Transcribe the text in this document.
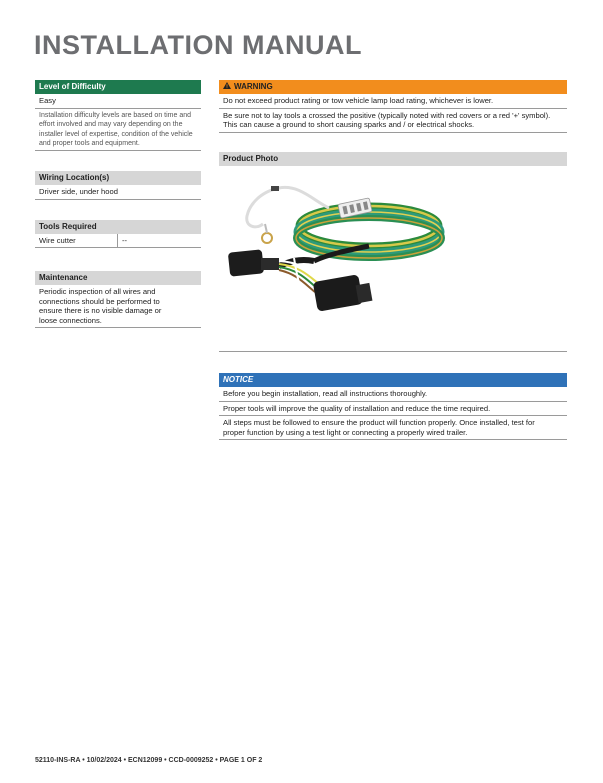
INSTALLATION MANUAL
Level of Difficulty
Easy
Installation difficulty levels are based on time and effort involved and may vary depending on the installer level of expertise, condition of the vehicle and proper tools and equipment.
Wiring Location(s)
Driver side, under hood
Tools Required
Wire cutter	--
Maintenance
Periodic inspection of all wires and connections should be performed to ensure there is no visible damage or loose connections.
WARNING
Do not exceed product rating or tow vehicle lamp load rating, whichever is lower.
Be sure not to lay tools a crossed the positive (typically noted with red covers or a red '+' symbol). This can cause a ground to short causing sparks and / or electrical shocks.
Product Photo
NOTICE
Before you begin installation, read all instructions thoroughly.
Proper tools will improve the quality of installation and reduce the time required.
All steps must be followed to ensure the product will function properly. Once installed, test for proper function by using a test light or connecting a properly wired trailer.
52110-INS-RA • 10/02/2024 • ECN12099 • CCD-0009252 • PAGE 1 OF 2
